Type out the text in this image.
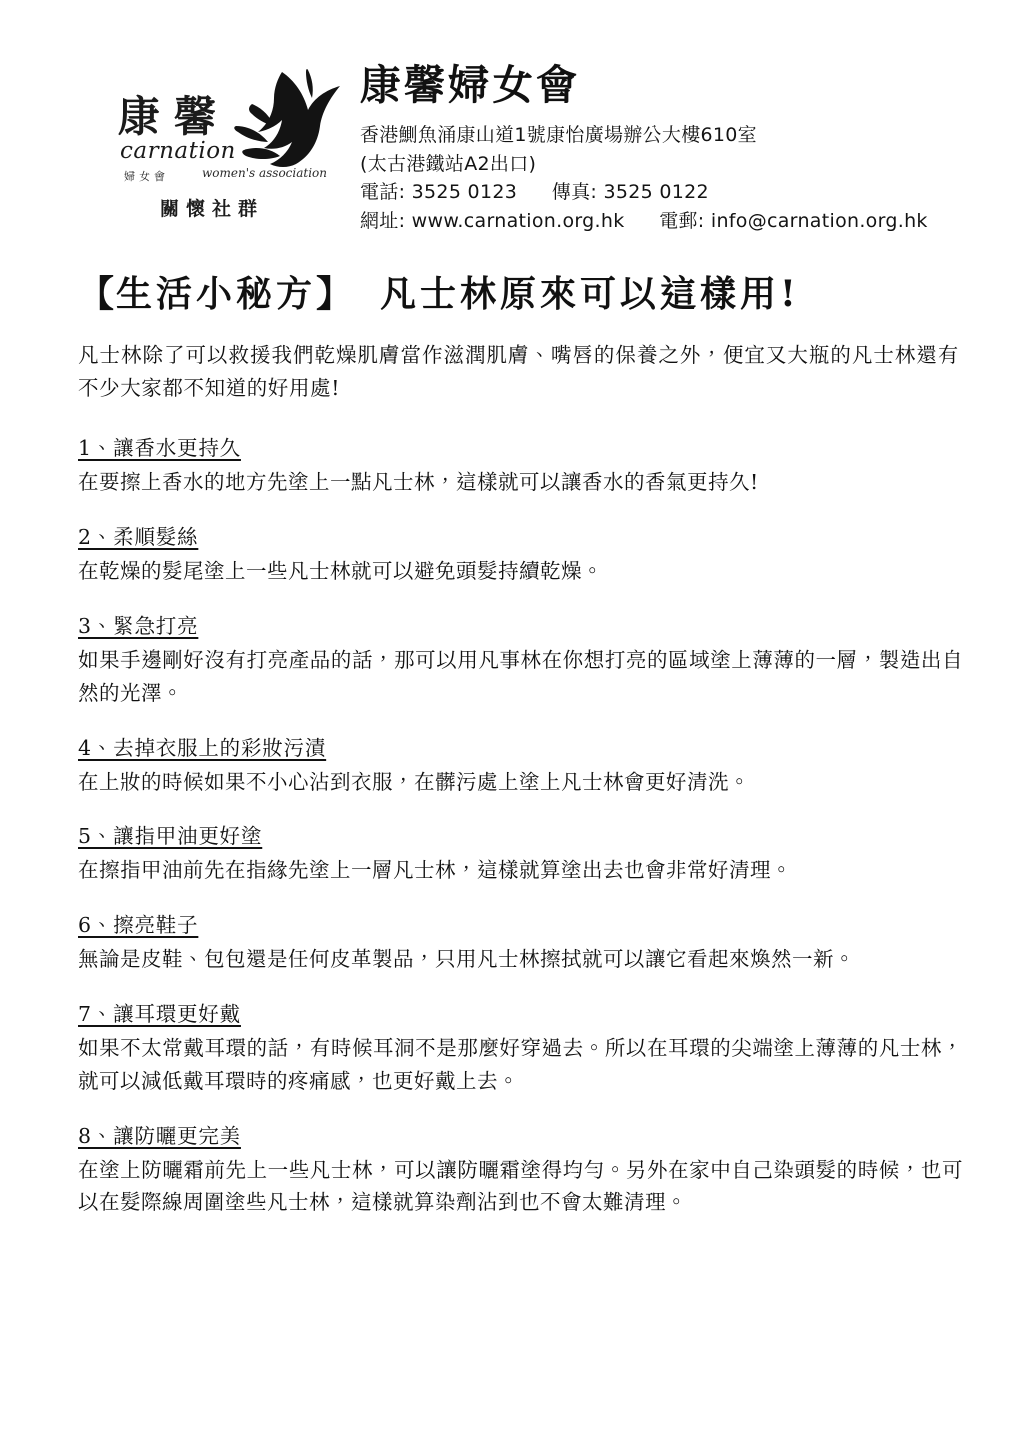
康馨
carnation
婦女會	women's association
關懷社群
康馨婦女會
香港鰂魚涌康山道1號康怡廣場辦公大樓610室
(太古港鐵站A2出口)
電話: 3525 0123 傳真: 3525 0122
網址: www.carnation.org.hk 電郵: info@carnation.org.hk
【生活小秘方】 凡士林原來可以這樣用!
凡士林除了可以救援我們乾燥肌膚當作滋潤肌膚、嘴唇的保養之外，便宜又大瓶的凡士林還有不少大家都不知道的好用處!
1、讓香水更持久
在要擦上香水的地方先塗上一點凡士林，這樣就可以讓香水的香氣更持久!
2、柔順髮絲
在乾燥的髮尾塗上一些凡士林就可以避免頭髮持續乾燥。
3、緊急打亮
如果手邊剛好沒有打亮產品的話，那可以用凡事林在你想打亮的區域塗上薄薄的一層，製造出自然的光澤。
4、去掉衣服上的彩妝污漬
在上妝的時候如果不小心沾到衣服，在髒污處上塗上凡士林會更好清洗。
5、讓指甲油更好塗
在擦指甲油前先在指緣先塗上一層凡士林，這樣就算塗出去也會非常好清理。
6、擦亮鞋子
無論是皮鞋、包包還是任何皮革製品，只用凡士林擦拭就可以讓它看起來煥然一新。
7、讓耳環更好戴
如果不太常戴耳環的話，有時候耳洞不是那麼好穿過去。所以在耳環的尖端塗上薄薄的凡士林，就可以減低戴耳環時的疼痛感，也更好戴上去。
8、讓防曬更完美
在塗上防曬霜前先上一些凡士林，可以讓防曬霜塗得均勻。另外在家中自己染頭髮的時候，也可以在髮際線周圍塗些凡士林，這樣就算染劑沾到也不會太難清理。
